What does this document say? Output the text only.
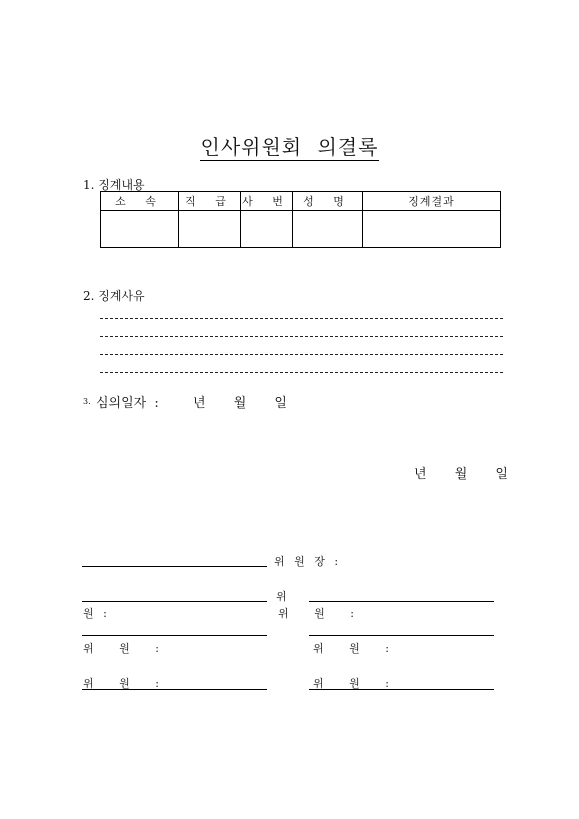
인사위원회 의결록
1. 징계내용
소 속	직 급	사 번	성 명	징계결과

2. 징계사유
3. 심의일자 :	년 월 일
년 월 일
위 원 장 :
위
원 :	위 원 :
위 원 :	위 원 :
위 원 :	위 원 :
